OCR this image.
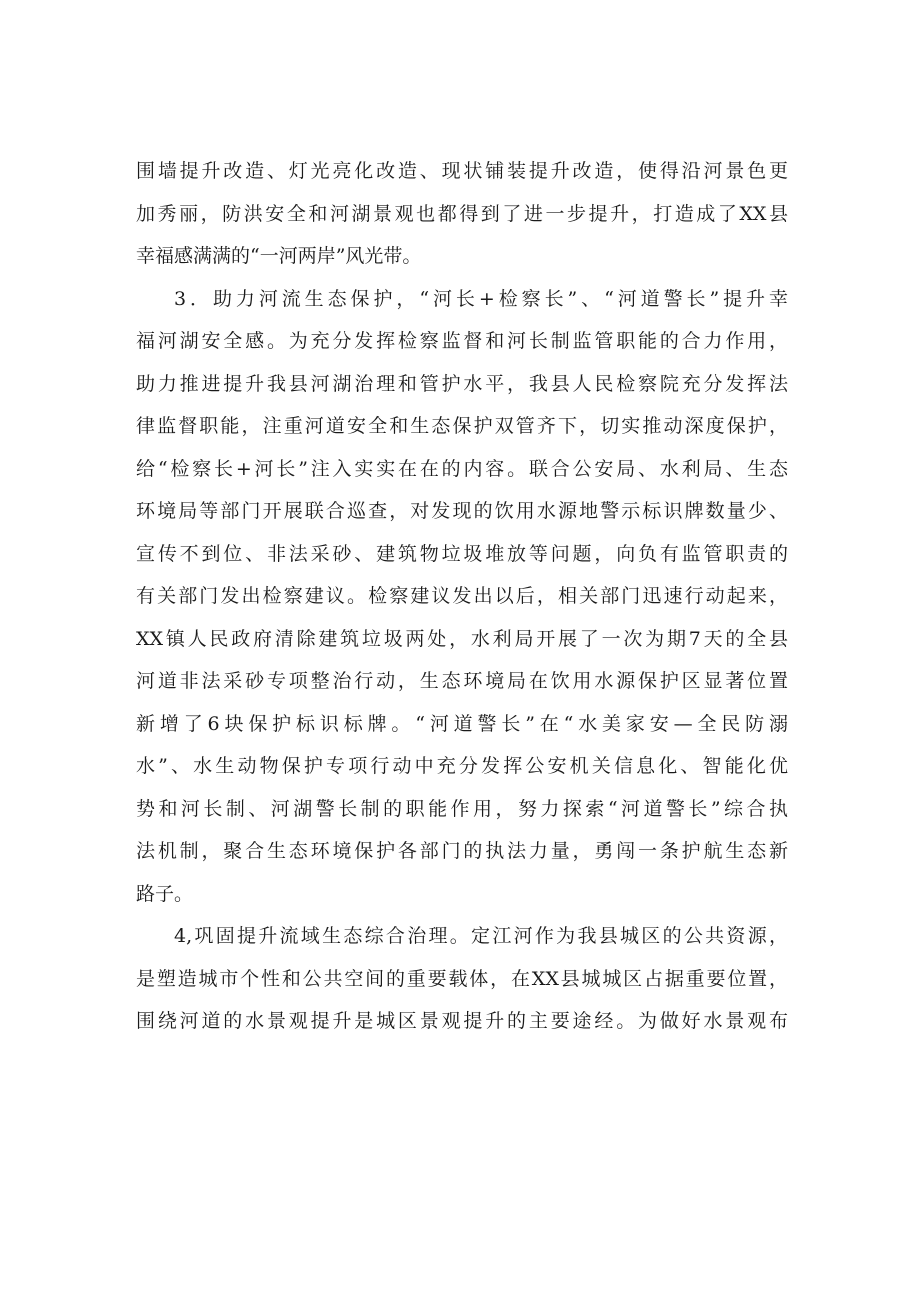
围墙提升改造、灯光亮化改造、现状铺装提升改造，使得沿河景色更
加秀丽，防洪安全和河湖景观也都得到了进一步提升，打造成了XX县
幸福感满满的“一河两岸”风光带。
3．助力河流生态保护，“河长+检察长”、“河道警长”提升幸
福河湖安全感。为充分发挥检察监督和河长制监管职能的合力作用，
助力推进提升我县河湖治理和管护水平，我县人民检察院充分发挥法
律监督职能，注重河道安全和生态保护双管齐下，切实推动深度保护，
给“检察长+河长”注入实实在在的内容。联合公安局、水利局、生态
环境局等部门开展联合巡查，对发现的饮用水源地警示标识牌数量少、
宣传不到位、非法采砂、建筑物垃圾堆放等问题，向负有监管职责的
有关部门发出检察建议。检察建议发出以后，相关部门迅速行动起来，
XX镇人民政府清除建筑垃圾两处，水利局开展了一次为期7天的全县
河道非法采砂专项整治行动，生态环境局在饮用水源保护区显著位置
新增了6块保护标识标牌。“河道警长”在“水美家安—全民防溺
水”、水生动物保护专项行动中充分发挥公安机关信息化、智能化优
势和河长制、河湖警长制的职能作用，努力探索“河道警长”综合执
法机制，聚合生态环境保护各部门的执法力量，勇闯一条护航生态新
路子。
4,巩固提升流域生态综合治理。定江河作为我县城区的公共资源，
是塑造城市个性和公共空间的重要载体，在XX县城城区占据重要位置，
围绕河道的水景观提升是城区景观提升的主要途经。为做好水景观布
